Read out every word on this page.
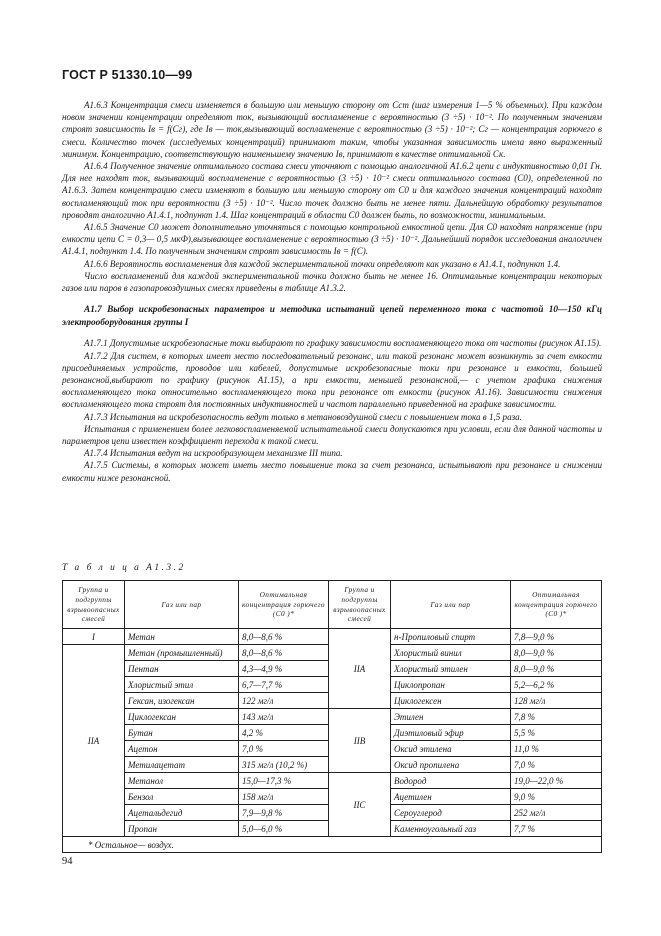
ГОСТ Р 51330.10—99

А1.6.3 Концентрация смеси изменяется в большую или меньшую сторону от Сст (шаг измерения 1—5 % объемных). При каждом новом значении концентрации определяют ток, вызывающий воспламенение с вероятностью (3 ÷5) · 10⁻². По полученным значениям строят зависимость Iв = f(Сг), где Iв — ток,вызывающий воспламенение с вероятностью (3 ÷5) · 10⁻²; Сг — концентрация горючего в смеси. Количество точек (исследуемых концентраций) принимают таким, чтобы указанная зависимость имела явно выраженный минимум. Концентрацию, соответствующую наименьшему значению Iв, принимают в качестве оптимальной Ск.

А1.6.4 Полученное значение оптимального состава смеси уточняют с помощью аналогичной А1.6.2 цепи с индуктивностью 0,01 Гн. Для нее находят ток, вызывающий воспламенение с вероятностью (3 ÷5) · 10⁻² смеси оптимального состава (С0), определенной по А1.6.3. Затем концентрацию смеси изменяют в большую или меньшую сторону от С0 и для каждого значения концентраций находят воспламеняющий ток при вероятности (3 ÷5) · 10⁻². Число точек должно быть не менее пяти. Дальнейшую обработку результатов проводят аналогично А1.4.1, подпункт 1.4. Шаг концентраций в области С0 должен быть, по возможности, минимальным.

А1.6.5 Значение С0 может дополнительно уточняться с помощью контрольной емкостной цепи. Для С0 находят напряжение (при емкости цепи С = 0,3— 0,5 мкФ),вызывающее воспламенение с вероятностью (3 ÷5) · 10⁻². Дальнейший порядок исследования аналогичен А1.4.1, подпункт 1.4. По полученным значениям строят зависимость Iв = f(С).

А1.6.6 Вероятность воспламенения для каждой экспериментальной точки определяют как указано в А1.4.1, подпункт 1.4.

Число воспламенений для каждой экспериментальной точки должно быть не менее 16. Оптимальные концентрации некоторых газов или паров в газопаровоздушных смесях приведены в таблице А1.3.2.

А1.7 Выбор искробезопасных параметров и методика испытаний цепей переменного тока с частотой 10—150 кГц электрооборудования группы I

А1.7.1 Допустимые искробезопасные токи выбирают по графику зависимости воспламеняющего тока от частоты (рисунок А1.15).

А1.7.2 Для систем, в которых имеет место последовательный резонанс, или такой резонанс может возникнуть за счет емкости присоединяемых устройств, проводов или кабелей, допустимые искробезопасные токи при резонансе и емкости, большей резонансной,выбирают по графику (рисунок А1.15), а при емкости, меньшей резонансной,— с учетом графика снижения воспламеняющего тока относительно воспламеняющего тока при резонансе от емкости (рисунок А1.16). Зависимости снижения воспламеняющего тока строят для постоянных индуктивностей и частот параллельно приведенной на графике зависимости.

А1.7.3 Испытания на искробезопасность ведут только в метановоздушной смеси с повышением тока в 1,5 раза.

Испытания с применением более легковоспламеняемой испытательной смеси допускаются при условии, если для данной частоты и параметров цепи известен коэффициент перехода к такой смеси.

А1.7.4 Испытания ведут на искрообразующем механизме III типа.

А1.7.5 Системы, в которых может иметь место повышение тока за счет резонанса, испытывают при резонансе и снижении емкости ниже резонансной.

Т а б л и ц а А1.3.2
Группа и подгруппы взрывоопасных смесей	Газ или пар	Оптимальная концентрация горючего (С0 )*	Группа и подгруппы взрывоопасных смесей	Газ или пар	Оптимальная концентрация горючего (С0 )*
I	Метан	8,0—8,6 %	IIA	н-Пропиловый спирт	7,8—9,0 %
IIA	Метан (промышленный)	8,0—8,6 %		Хлористый винил	8,0—9,0 %
	Пентан	4,3—4,9 %		Хлористый этилен	8,0—9,0 %
	Хлористый этил	6,7—7,7 %		Циклопропан	5,2—6,2 %
	Гексан, изогексан	122 мг/л		Циклогексен	128 мг/л
	Циклогексан	143 мг/л	IIB	Этилен	7,8 %
	Бутан	4,2 %		Диэтиловый эфир	5,5 %
	Ацетон	7,0 %		Оксид этилена	11,0 %
	Метилацетат	315 мг/л (10,2 %)		Оксид пропилена	7,0 %
	Метанол	15,0—17,3 %	IIC	Водород	19,0—22,0 %
	Бензол	158 мг/л		Ацетилен	9,0 %
	Ацетальдегид	7,9—9,8 %		Сероуглерод	252 мг/л
	Пропан	5,0—6,0 %		Каменноугольный газ	7,7 %
* Остальное— воздух.					
94
